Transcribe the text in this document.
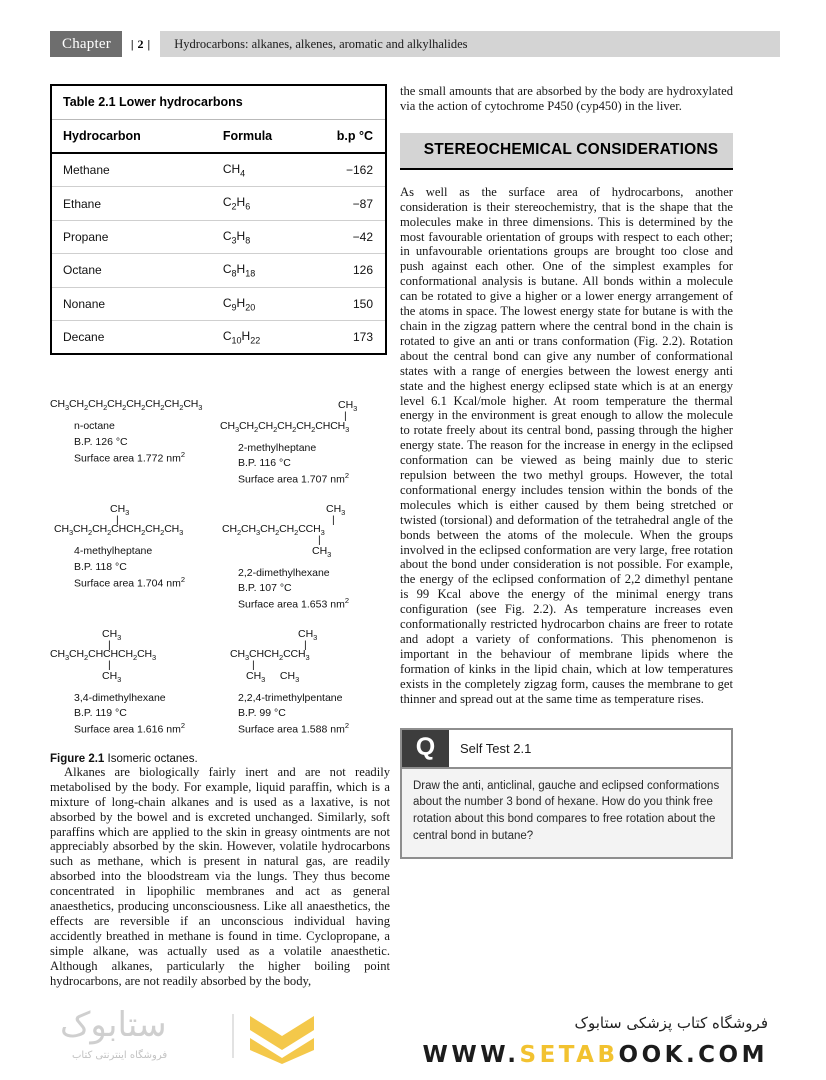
Chapter	| 2 |	Hydrocarbons: alkanes, alkenes, aromatic and alkylhalides
Table 2.1 Lower hydrocarbons
Hydrocarbon	Formula	b.p °C
Methane	$CH_4$	−162
Ethane	$C_2H_6$	−87
Propane	$C_3H_8$	−42
Octane	$C_8H_{18}$	126
Nonane	$C_9H_{20}$	150
Decane	$C_{10}H_{22}$	173
$CH_3CH_2CH_2CH_2CH_2CH_2CH_2CH_3$
n-octane
B.P. 126 °C
Surface area 1.772 $nm^2$
$CH_3$
|
$CH_3CH_2CH_2CH_2CH_2CHCH_3$
2-methylheptane
B.P. 116 °C
Surface area 1.707 $nm^2$
$CH_3$
|
$CH_3CH_2CH_2CHCH_2CH_2CH_3$
4-methylheptane
B.P. 118 °C
Surface area 1.704 $nm^2$
$CH_3$
|
$CH_2CH_3CH_2CH_2CCH_3$
|
$CH_3$
2,2-dimethylhexane
B.P. 107 °C
Surface area 1.653 $nm^2$
$CH_3$
|
$CH_3CH_2CHCHCH_2CH_3$
|
$CH_3$
3,4-dimethylhexane
B.P. 119 °C
Surface area 1.616 $nm^2$
$CH_3$
|
$CH_3CHCH_2CCH_3$
|
$CH_3$     $CH_3$
2,2,4-trimethylpentane
B.P. 99 °C
Surface area 1.588 $nm^2$
Figure 2.1 Isomeric octanes.

Alkanes are biologically fairly inert and are not readily metabolised by the body. For example, liquid paraffin, which is a mixture of long-chain alkanes and is used as a laxative, is not absorbed by the bowel and is excreted unchanged. Similarly, soft paraffins which are applied to the skin in greasy ointments are not appreciably absorbed by the skin. However, volatile hydrocarbons such as methane, which is present in natural gas, are readily absorbed into the bloodstream via the lungs. They thus become concentrated in lipophilic membranes and act as general anaesthetics, producing unconsciousness. Like all anaesthetics, the effects are reversible if an unconscious individual having accidently breathed in methane is found in time. Cyclopropane, a simple alkane, was actually used as a volatile anaesthetic. Although alkanes, particularly the higher boiling point hydrocarbons, are not readily absorbed by the body,

the small amounts that are absorbed by the body are hydroxylated via the action of cytochrome P450 (cyp450) in the liver.

STEREOCHEMICAL CONSIDERATIONS

As well as the surface area of hydrocarbons, another consideration is their stereochemistry, that is the shape that the molecules make in three dimensions. This is determined by the most favourable orientation of groups with respect to each other; in unfavourable orientations groups are brought too close and push against each other. One of the simplest examples for conformational analysis is butane. All bonds within a molecule can be rotated to give a higher or a lower energy arrangement of the atoms in space. The lowest energy state for butane is with the chain in the zigzag pattern where the central bond in the chain is rotated to give an anti or trans conformation (Fig. 2.2). Rotation about the central bond can give any number of conformational states with a range of energies between the lowest energy anti state and the highest energy eclipsed state which is at an energy level 6.1 Kcal/mole higher. At room temperature the thermal energy in the environment is great enough to allow the molecule to rotate freely about its central bond, passing through the higher energy state. The reason for the increase in energy in the eclipsed conformation can be viewed as being mainly due to steric repulsion between the two methyl groups. However, the total conformational energy includes tension within the bonds of the molecules which is either caused by them being stretched or twisted (torsional) and deformation of the tetrahedral angle of the bonds between the atoms of the molecule. When the groups involved in the eclipsed conformation are very large, free rotation about the bond under consideration is not possible. For example, the energy of the eclipsed conformation of 2,2 dimethyl pentane is 99 Kcal above the energy of the minimal energy trans configuration (see Fig. 2.2). As temperature increases even conformationally restricted hydrocarbon chains are freer to rotate and adopt a variety of conformations. This phenomenon is important in the behaviour of membrane lipids where the formation of kinks in the lipid chain, which at low temperatures exists in the completely zigzag form, causes the membrane to get thinner and spread out at the same time as temperature rises.

Q	Self Test 2.1
Draw the anti, anticlinal, gauche and eclipsed conformations about the number 3 bond of hexane. How do you think free rotation about this bond compares to free rotation about the central bond in butane?
ستابوک
فروشگاه اینترنتی کتاب
فروشگاه کتاب پزشکی ستابوک
WWW.SETABOOK.COM
